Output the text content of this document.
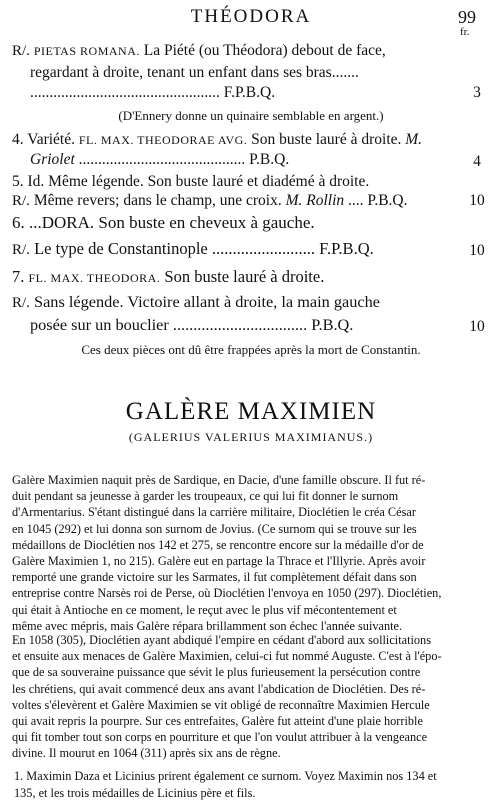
THÉODORA	99
fr.
R/. PIETAS ROMANA. La Piété (ou Théodora) debout de face,
regardant à droite, tenant un enfant dans ses bras.......
................................................. F.P.B.Q.	3
(D'Ennery donne un quinaire semblable en argent.)
4. Variété. FL. MAX. THEODORAE AVG. Son buste lauré à droite. M.
Griolet ........................................... P.B.Q.	4
5. Id. Même légende. Son buste lauré et diadémé à droite.
R/. Même revers; dans le champ, une croix. M. Rollin .... P.B.Q.	10
6. ...DORA. Son buste en cheveux à gauche.
R/. Le type de Constantinople ......................... F.P.B.Q.	10
7. FL. MAX. THEODORA. Son buste lauré à droite.
R/. Sans légende. Victoire allant à droite, la main gauche
posée sur un bouclier ................................. P.B.Q.	10
Ces deux pièces ont dû être frappées après la mort de Constantin.
GALÈRE MAXIMIEN
(GALERIUS VALERIUS MAXIMIANUS.)
Galère Maximien naquit près de Sardique, en Dacie, d'une famille obscure. Il fut ré-
duit pendant sa jeunesse à garder les troupeaux, ce qui lui fit donner le surnom
d'Armentarius. S'étant distingué dans la carrière militaire, Dioclétien le créa César
en 1045 (292) et lui donna son surnom de Jovius. (Ce surnom qui se trouve sur les
médaillons de Dioclétien nos 142 et 275, se rencontre encore sur la médaille d'or de
Galère Maximien 1, no 215). Galère eut en partage la Thrace et l'Illyrie. Après avoir
remporté une grande victoire sur les Sarmates, il fut complètement défait dans son
entreprise contre Narsès roi de Perse, où Dioclétien l'envoya en 1050 (297). Dioclétien,
qui était à Antioche en ce moment, le reçut avec le plus vif mécontentement et
même avec mépris, mais Galère répara brillamment son échec l'année suivante.
En 1058 (305), Dioclétien ayant abdiqué l'empire en cédant d'abord aux sollicitations
et ensuite aux menaces de Galère Maximien, celui-ci fut nommé Auguste. C'est à l'épo-
que de sa souveraine puissance que sévit le plus furieusement la persécution contre
les chrétiens, qui avait commencé deux ans avant l'abdication de Dioclétien. Des ré-
voltes s'élevèrent et Galère Maximien se vit obligé de reconnaître Maximien Hercule
qui avait repris la pourpre. Sur ces entrefaites, Galère fut atteint d'une plaie horrible
qui fit tomber tout son corps en pourriture et que l'on voulut attribuer à la vengeance
divine. Il mourut en 1064 (311) après six ans de règne.
1. Maximin Daza et Licinius prirent également ce surnom. Voyez Maximin nos 134 et
135, et les trois médailles de Licinius père et fils.
